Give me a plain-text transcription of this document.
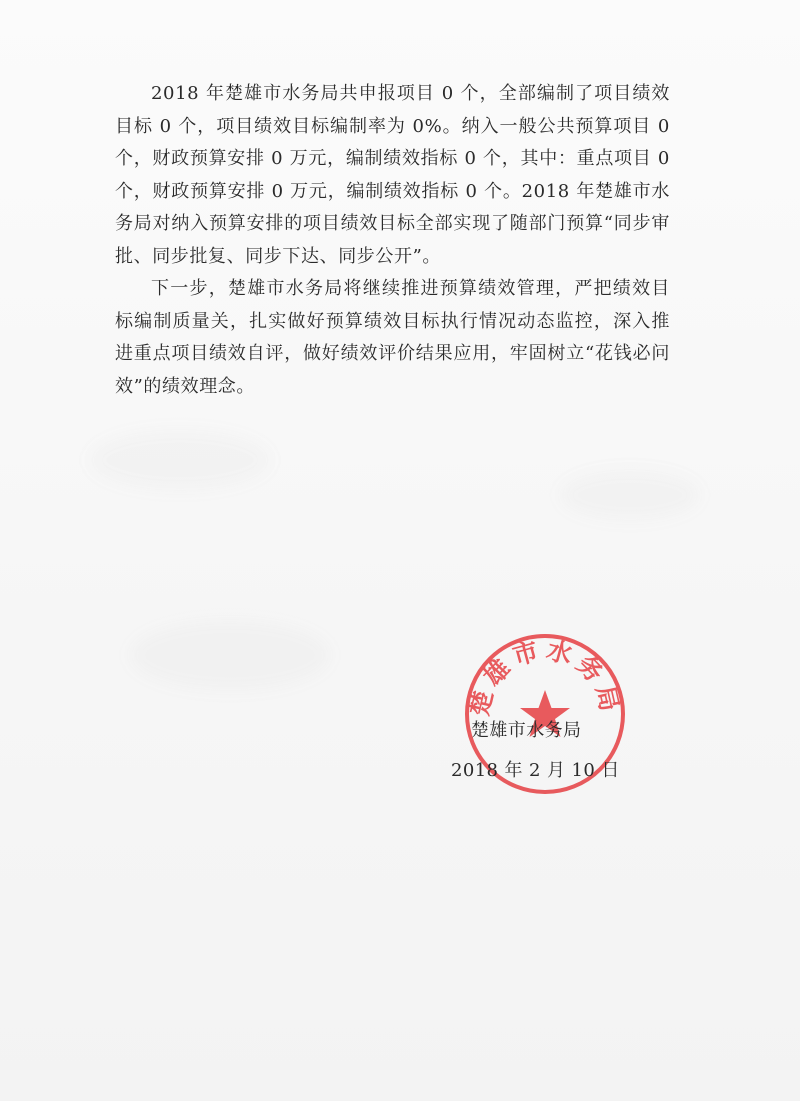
2018 年楚雄市水务局共申报项目 0 个，全部编制了项目绩效目标 0 个，项目绩效目标编制率为 0%。纳入一般公共预算项目 0 个，财政预算安排 0 万元，编制绩效指标 0 个，其中：重点项目 0 个，财政预算安排 0 万元，编制绩效指标 0 个。2018 年楚雄市水务局对纳入预算安排的项目绩效目标全部实现了随部门预算“同步审批、同步批复、同步下达、同步公开”。

下一步，楚雄市水务局将继续推进预算绩效管理，严把绩效目标编制质量关，扎实做好预算绩效目标执行情况动态监控，深入推进重点项目绩效自评，做好绩效评价结果应用，牢固树立“花钱必问效”的绩效理念。

楚雄市水务局
楚雄市水务局
2018 年 2 月 10 日
